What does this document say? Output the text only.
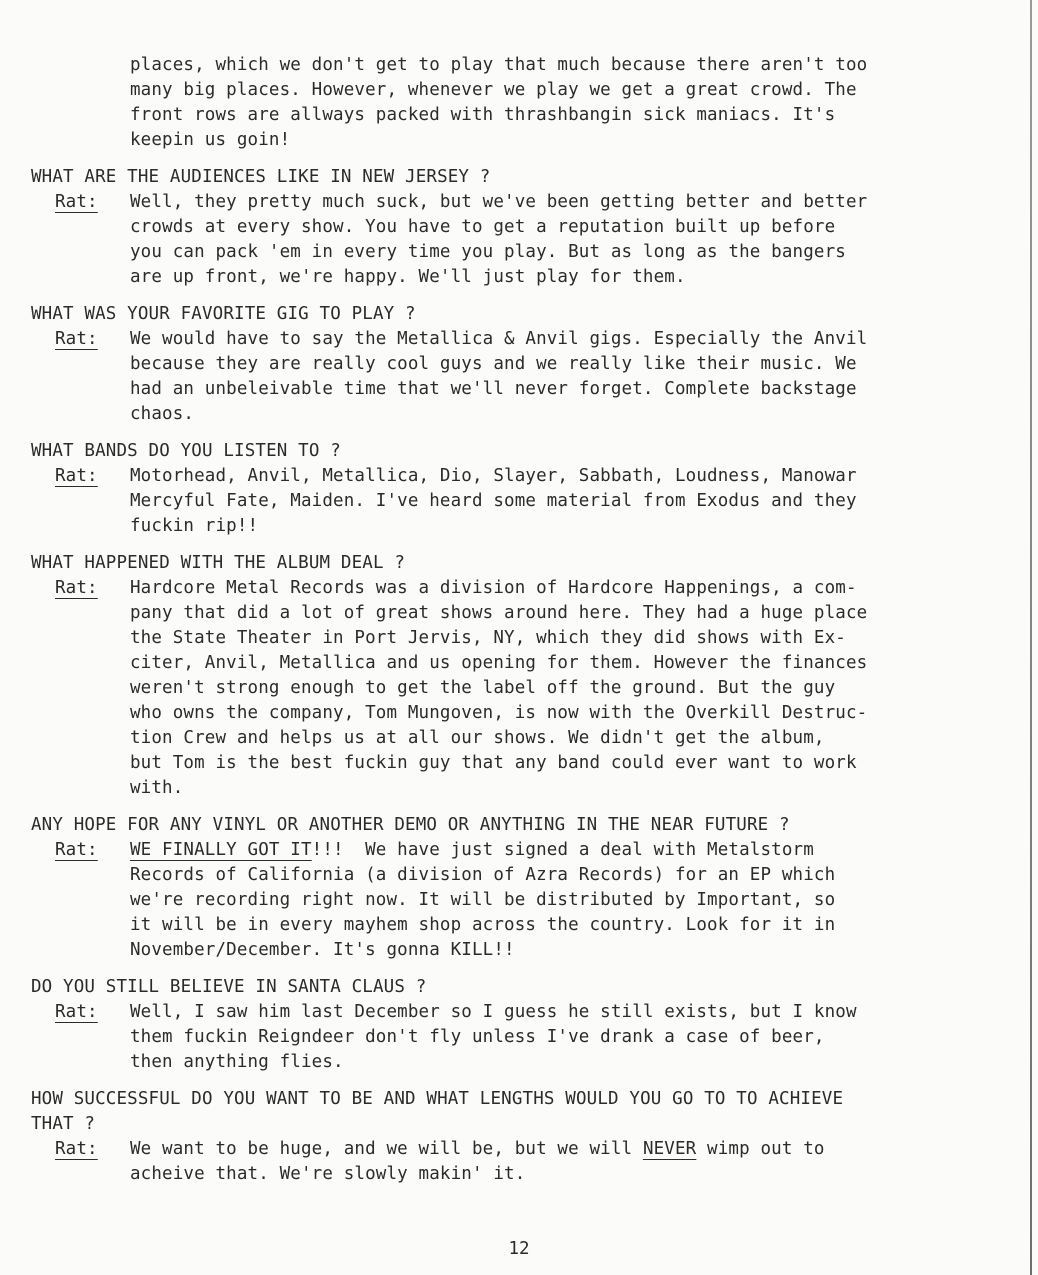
places, which we don't get to play that much because there aren't too
many big places. However, whenever we play we get a great crowd. The
front rows are allways packed with thrashbangin sick maniacs. It's
keepin us goin!
WHAT ARE THE AUDIENCES LIKE IN NEW JERSEY ?
Rat:	Well, they pretty much suck, but we've been getting better and better
crowds at every show. You have to get a reputation built up before
you can pack 'em in every time you play. But as long as the bangers
are up front, we're happy. We'll just play for them.
WHAT WAS YOUR FAVORITE GIG TO PLAY ?
Rat:	We would have to say the Metallica & Anvil gigs. Especially the Anvil
because they are really cool guys and we really like their music. We
had an unbeleivable time that we'll never forget. Complete backstage
chaos.
WHAT BANDS DO YOU LISTEN TO ?
Rat:	Motorhead, Anvil, Metallica, Dio, Slayer, Sabbath, Loudness, Manowar
Mercyful Fate, Maiden. I've heard some material from Exodus and they
fuckin rip!!
WHAT HAPPENED WITH THE ALBUM DEAL ?
Rat:	Hardcore Metal Records was a division of Hardcore Happenings, a com-
pany that did a lot of great shows around here. They had a huge place
the State Theater in Port Jervis, NY, which they did shows with Ex-
citer, Anvil, Metallica and us opening for them. However the finances
weren't strong enough to get the label off the ground. But the guy
who owns the company, Tom Mungoven, is now with the Overkill Destruc-
tion Crew and helps us at all our shows. We didn't get the album,
but Tom is the best fuckin guy that any band could ever want to work
with.
ANY HOPE FOR ANY VINYL OR ANOTHER DEMO OR ANYTHING IN THE NEAR FUTURE ?
Rat:	WE FINALLY GOT IT!!!  We have just signed a deal with Metalstorm
Records of California (a division of Azra Records) for an EP which
we're recording right now. It will be distributed by Important, so
it will be in every mayhem shop across the country. Look for it in
November/December. It's gonna KILL!!
DO YOU STILL BELIEVE IN SANTA CLAUS ?
Rat:	Well, I saw him last December so I guess he still exists, but I know
them fuckin Reigndeer don't fly unless I've drank a case of beer,
then anything flies.
HOW SUCCESSFUL DO YOU WANT TO BE AND WHAT LENGTHS WOULD YOU GO TO TO ACHIEVE
THAT ?
Rat:	We want to be huge, and we will be, but we will NEVER wimp out to
acheive that. We're slowly makin' it.
12
